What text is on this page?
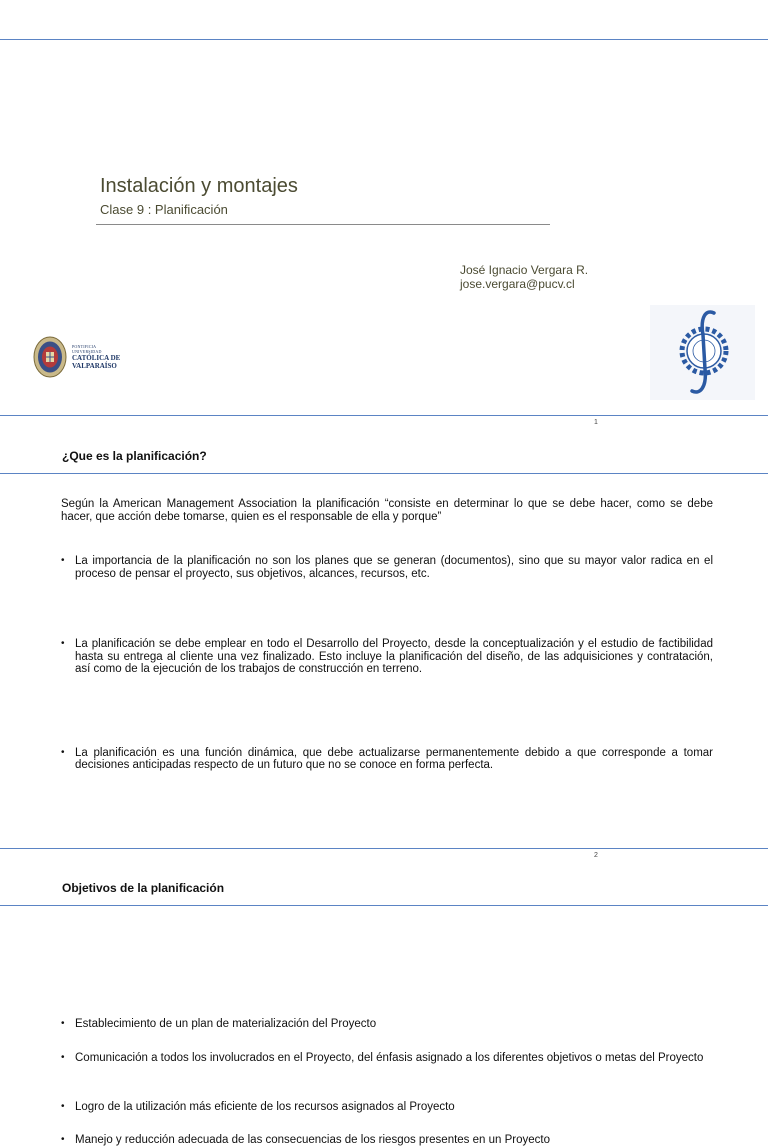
Instalación y montajes
Clase 9 : Planificación
José Ignacio Vergara R.
jose.vergara@pucv.cl
PONTIFICIA
UNIVERSIDAD
CATÓLICA DE
VALPARAÍSO
1
¿Que es la planificación?

Según la American Management Association la planificación “consiste en determinar lo que se debe hacer, como se debe hacer, que acción debe tomarse, quien es el responsable de ella y porque”

• La importancia de la planificación no son los planes que se generan (documentos), sino que su mayor valor radica en el proceso de pensar el proyecto, sus objetivos, alcances, recursos, etc.
• La planificación se debe emplear en todo el Desarrollo del Proyecto, desde la conceptualización y el estudio de factibilidad hasta su entrega al cliente una vez finalizado. Esto incluye la planificación del diseño, de las adquisiciones y contratación, así como de la ejecución de los trabajos de construcción en terreno.
• La planificación es una función dinámica, que debe actualizarse permanentemente debido a que corresponde a tomar decisiones anticipadas respecto de un futuro que no se conoce en forma perfecta.
2
Objetivos de la planificación
• Establecimiento de un plan de materialización del Proyecto
• Comunicación a todos los involucrados en el Proyecto, del énfasis asignado a los diferentes objetivos o metas del Proyecto
• Logro de la utilización más eficiente de los recursos asignados al Proyecto
• Manejo y reducción adecuada de las consecuencias de los riesgos presentes en un Proyecto
